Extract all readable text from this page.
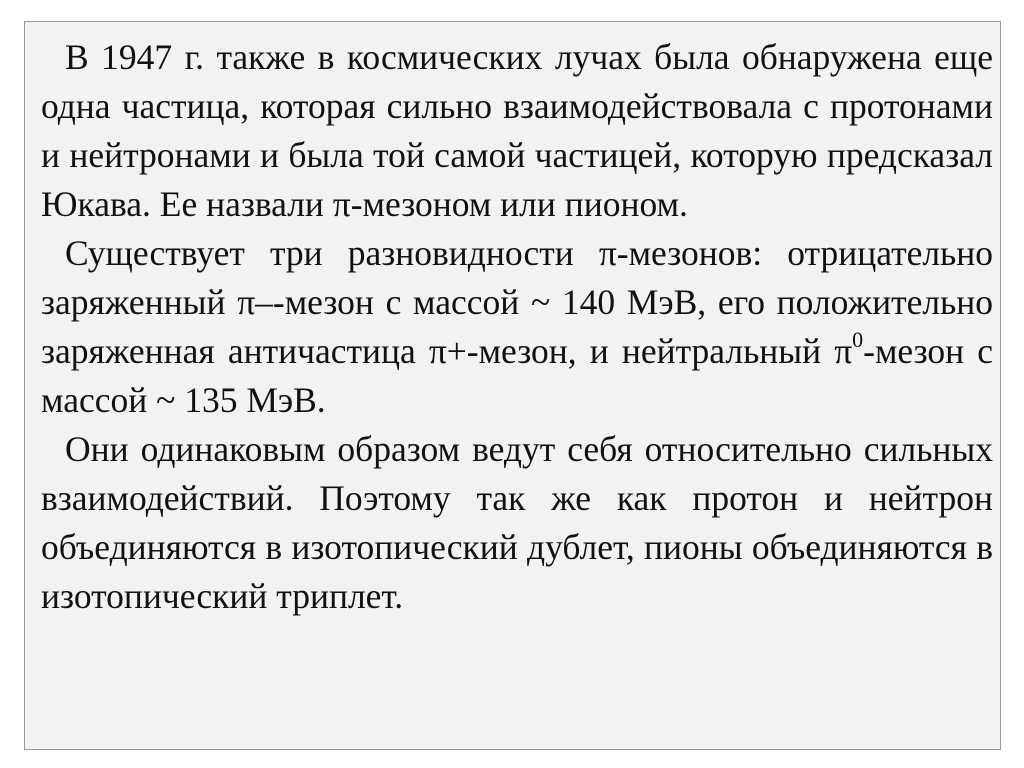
В 1947 г. также в космических лучах была обнаружена еще одна частица, которая сильно взаимодействовала с протонами и нейтронами и была той самой частицей, которую предсказал Юкава. Ее назвали π-мезоном или пионом.

Существует три разновидности π-мезонов: отрицательно заряженный π–-мезон с массой ~ 140 МэВ, его положительно заряженная античастица π+-мезон, и нейтральный $\pi^0$-мезон с массой ~ 135 МэВ.

Они одинаковым образом ведут себя относительно сильных взаимодействий. Поэтому так же как протон и нейтрон объединяются в изотопический дублет, пионы объединяются в изотопический триплет.
